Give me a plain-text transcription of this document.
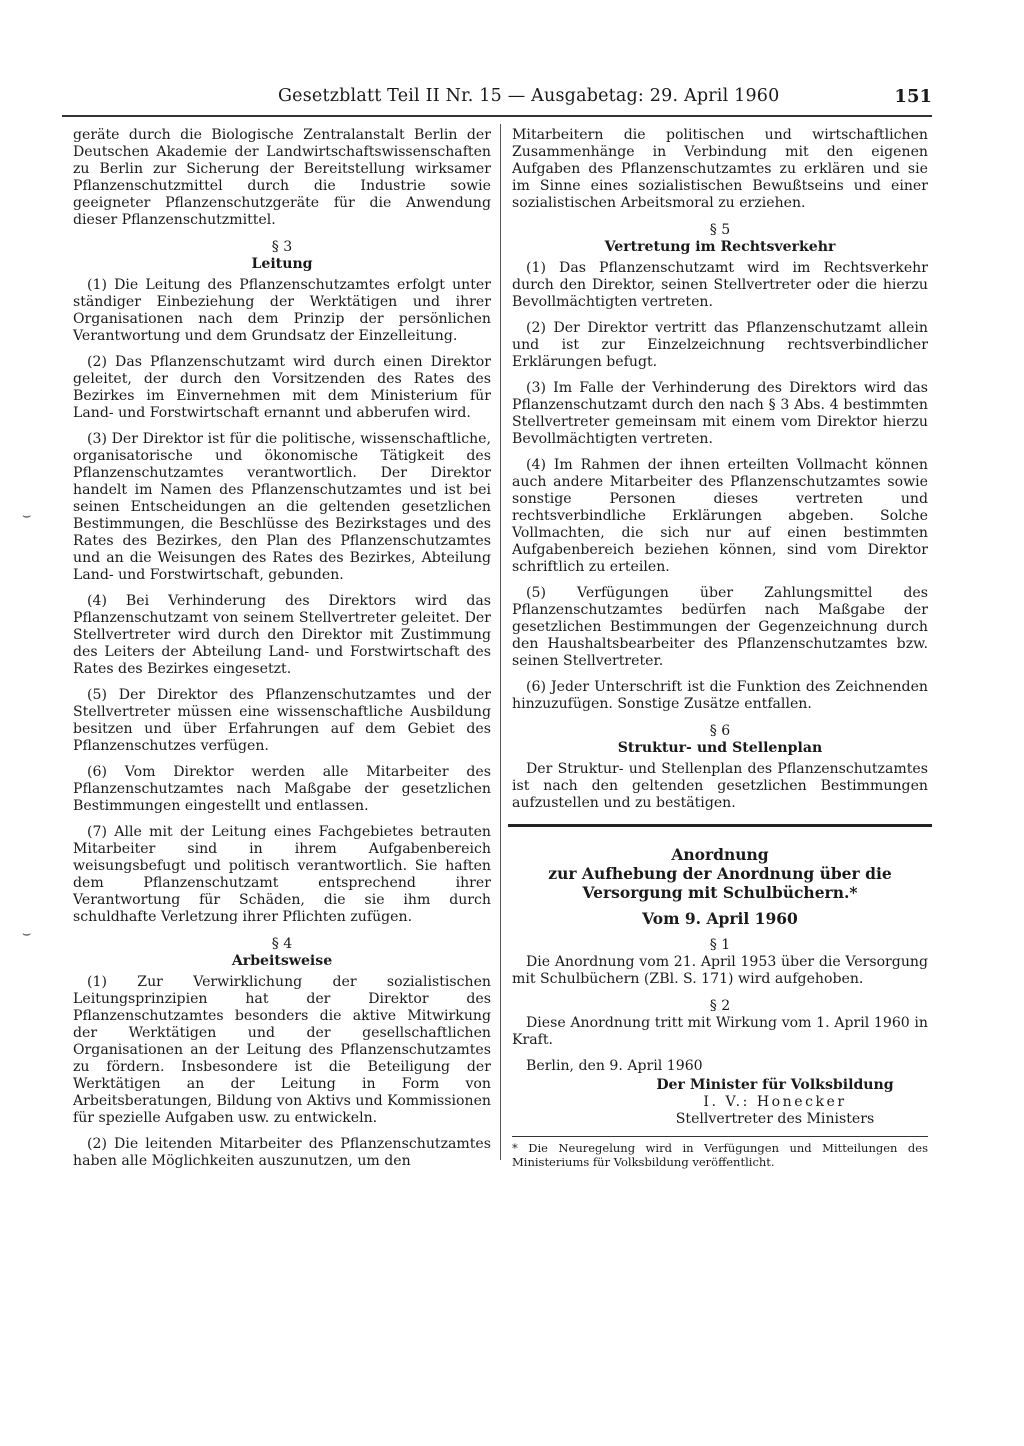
Gesetzblatt Teil II Nr. 15 — Ausgabetag: 29. April 1960	151

geräte durch die Biologische Zentralanstalt Berlin der Deutschen Akademie der Landwirtschaftswissenschaften zu Berlin zur Sicherung der Bereitstellung wirksamer Pflanzenschutzmittel durch die Industrie sowie geeigneter Pflanzenschutzgeräte für die Anwendung dieser Pflanzenschutzmittel.

§ 3
Leitung

(1) Die Leitung des Pflanzenschutzamtes erfolgt unter ständiger Einbeziehung der Werktätigen und ihrer Organisationen nach dem Prinzip der persönlichen Verantwortung und dem Grundsatz der Einzelleitung.

(2) Das Pflanzenschutzamt wird durch einen Direktor geleitet, der durch den Vorsitzenden des Rates des Bezirkes im Einvernehmen mit dem Ministerium für Land- und Forstwirtschaft ernannt und abberufen wird.

(3) Der Direktor ist für die politische, wissenschaftliche, organisatorische und ökonomische Tätigkeit des Pflanzenschutzamtes verantwortlich. Der Direktor handelt im Namen des Pflanzenschutzamtes und ist bei seinen Entscheidungen an die geltenden gesetzlichen Bestimmungen, die Beschlüsse des Bezirkstages und des Rates des Bezirkes, den Plan des Pflanzenschutzamtes und an die Weisungen des Rates des Bezirkes, Abteilung Land- und Forstwirtschaft, gebunden.

(4) Bei Verhinderung des Direktors wird das Pflanzenschutzamt von seinem Stellvertreter geleitet. Der Stellvertreter wird durch den Direktor mit Zustimmung des Leiters der Abteilung Land- und Forstwirtschaft des Rates des Bezirkes eingesetzt.

(5) Der Direktor des Pflanzenschutzamtes und der Stellvertreter müssen eine wissenschaftliche Ausbildung besitzen und über Erfahrungen auf dem Gebiet des Pflanzenschutzes verfügen.

(6) Vom Direktor werden alle Mitarbeiter des Pflanzenschutzamtes nach Maßgabe der gesetzlichen Bestimmungen eingestellt und entlassen.

(7) Alle mit der Leitung eines Fachgebietes betrauten Mitarbeiter sind in ihrem Aufgabenbereich weisungsbefugt und politisch verantwortlich. Sie haften dem Pflanzenschutzamt entsprechend ihrer Verantwortung für Schäden, die sie ihm durch schuldhafte Verletzung ihrer Pflichten zufügen.

§ 4
Arbeitsweise

(1) Zur Verwirklichung der sozialistischen Leitungsprinzipien hat der Direktor des Pflanzenschutzamtes besonders die aktive Mitwirkung der Werktätigen und der gesellschaftlichen Organisationen an der Leitung des Pflanzenschutzamtes zu fördern. Insbesondere ist die Beteiligung der Werktätigen an der Leitung in Form von Arbeitsberatungen, Bildung von Aktivs und Kommissionen für spezielle Aufgaben usw. zu entwickeln.

(2) Die leitenden Mitarbeiter des Pflanzenschutzamtes haben alle Möglichkeiten auszunutzen, um den

Mitarbeitern die politischen und wirtschaftlichen Zusammenhänge in Verbindung mit den eigenen Aufgaben des Pflanzenschutzamtes zu erklären und sie im Sinne eines sozialistischen Bewußtseins und einer sozialistischen Arbeitsmoral zu erziehen.

§ 5
Vertretung im Rechtsverkehr

(1) Das Pflanzenschutzamt wird im Rechtsverkehr durch den Direktor, seinen Stellvertreter oder die hierzu Bevollmächtigten vertreten.

(2) Der Direktor vertritt das Pflanzenschutzamt allein und ist zur Einzelzeichnung rechtsverbindlicher Erklärungen befugt.

(3) Im Falle der Verhinderung des Direktors wird das Pflanzenschutzamt durch den nach § 3 Abs. 4 bestimmten Stellvertreter gemeinsam mit einem vom Direktor hierzu Bevollmächtigten vertreten.

(4) Im Rahmen der ihnen erteilten Vollmacht können auch andere Mitarbeiter des Pflanzenschutzamtes sowie sonstige Personen dieses vertreten und rechtsverbindliche Erklärungen abgeben. Solche Vollmachten, die sich nur auf einen bestimmten Aufgabenbereich beziehen können, sind vom Direktor schriftlich zu erteilen.

(5) Verfügungen über Zahlungsmittel des Pflanzenschutzamtes bedürfen nach Maßgabe der gesetzlichen Bestimmungen der Gegenzeichnung durch den Haushaltsbearbeiter des Pflanzenschutzamtes bzw. seinen Stellvertreter.

(6) Jeder Unterschrift ist die Funktion des Zeichnenden hinzuzufügen. Sonstige Zusätze entfallen.

§ 6
Struktur- und Stellenplan

Der Struktur- und Stellenplan des Pflanzenschutzamtes ist nach den geltenden gesetzlichen Bestimmungen aufzustellen und zu bestätigen.

Anordnung
zur Aufhebung der Anordnung über die Versorgung mit Schulbüchern.*
Vom 9. April 1960
§ 1

Die Anordnung vom 21. April 1953 über die Versorgung mit Schulbüchern (ZBl. S. 171) wird aufgehoben.

§ 2

Diese Anordnung tritt mit Wirkung vom 1. April 1960 in Kraft.

Berlin, den 9. April 1960
Der Minister für Volksbildung
I. V.: Honecker
Stellvertreter des Ministers
* Die Neuregelung wird in Verfügungen und Mitteilungen des Ministeriums für Volksbildung veröffentlicht.
⌣
⌣
